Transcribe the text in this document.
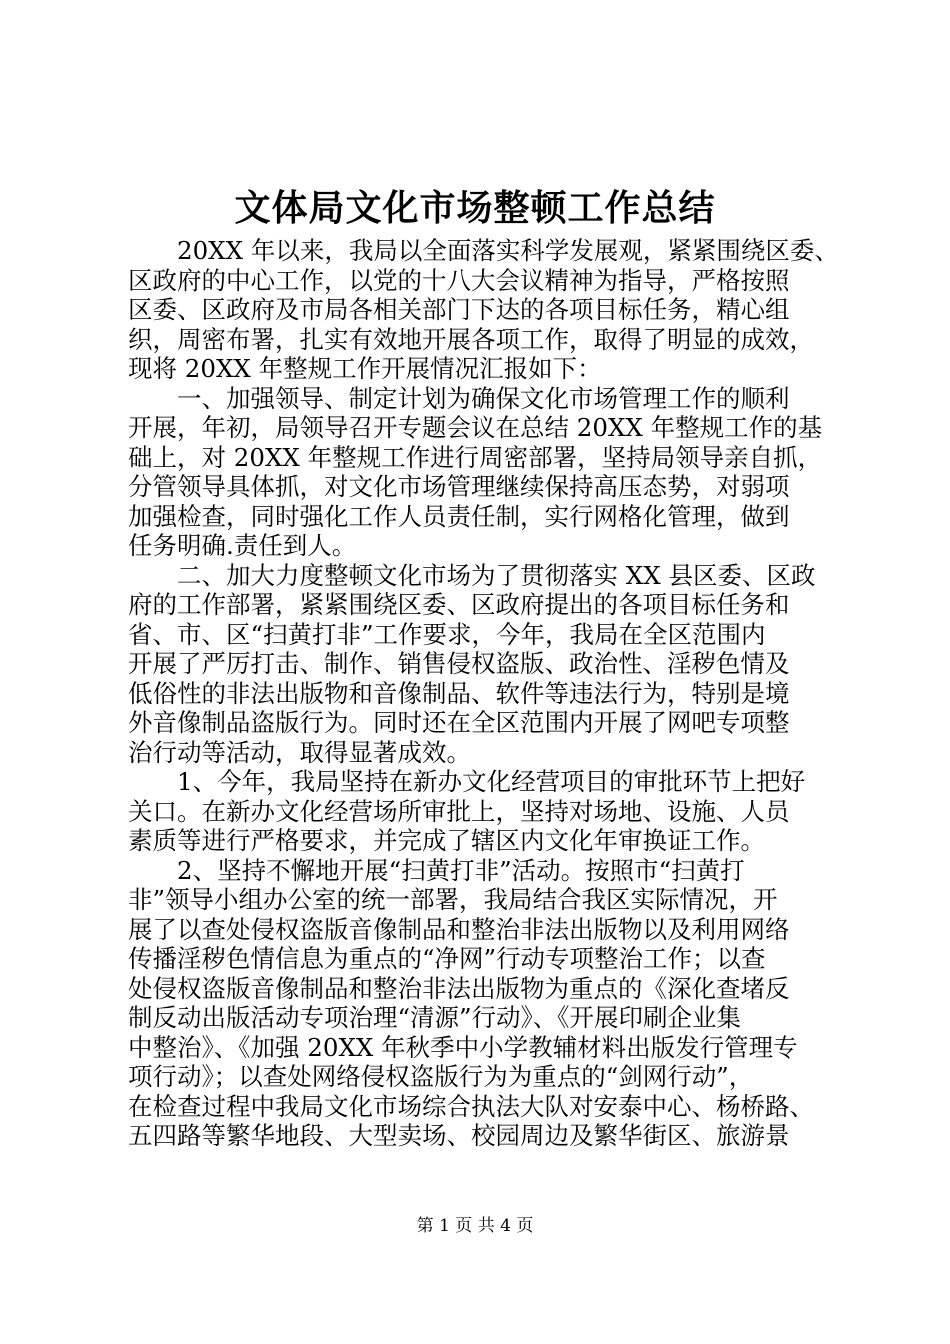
文体局文化市场整顿工作总结
20XX 年以来，我局以全面落实科学发展观，紧紧围绕区委、
区政府的中心工作，以党的十八大会议精神为指导，严格按照
区委、区政府及市局各相关部门下达的各项目标任务，精心组
织，周密布署，扎实有效地开展各项工作，取得了明显的成效，
现将 20XX 年整规工作开展情况汇报如下：
一、加强领导、制定计划为确保文化市场管理工作的顺利
开展，年初，局领导召开专题会议在总结 20XX 年整规工作的基
础上，对 20XX 年整规工作进行周密部署，坚持局领导亲自抓，
分管领导具体抓，对文化市场管理继续保持高压态势，对弱项
加强检查，同时强化工作人员责任制，实行网格化管理，做到
任务明确.责任到人。
二、加大力度整顿文化市场为了贯彻落实 XX 县区委、区政
府的工作部署，紧紧围绕区委、区政府提出的各项目标任务和
省、市、区“扫黄打非”工作要求，今年，我局在全区范围内
开展了严厉打击、制作、销售侵权盗版、政治性、淫秽色情及
低俗性的非法出版物和音像制品、软件等违法行为，特别是境
外音像制品盗版行为。同时还在全区范围内开展了网吧专项整
治行动等活动，取得显著成效。
1、今年，我局坚持在新办文化经营项目的审批环节上把好
关口。在新办文化经营场所审批上，坚持对场地、设施、人员
素质等进行严格要求，并完成了辖区内文化年审换证工作。
2、坚持不懈地开展“扫黄打非”活动。按照市“扫黄打
非”领导小组办公室的统一部署，我局结合我区实际情况，开
展了以查处侵权盗版音像制品和整治非法出版物以及利用网络
传播淫秽色情信息为重点的“净网”行动专项整治工作；以查
处侵权盗版音像制品和整治非法出版物为重点的《深化查堵反
制反动出版活动专项治理“清源”行动》、《开展印刷企业集
中整治》、《加强 20XX 年秋季中小学教辅材料出版发行管理专
项行动》；以查处网络侵权盗版行为为重点的“剑网行动”，
在检查过程中我局文化市场综合执法大队对安泰中心、杨桥路、
五四路等繁华地段、大型卖场、校园周边及繁华街区、旅游景
第 1 页 共 4 页
